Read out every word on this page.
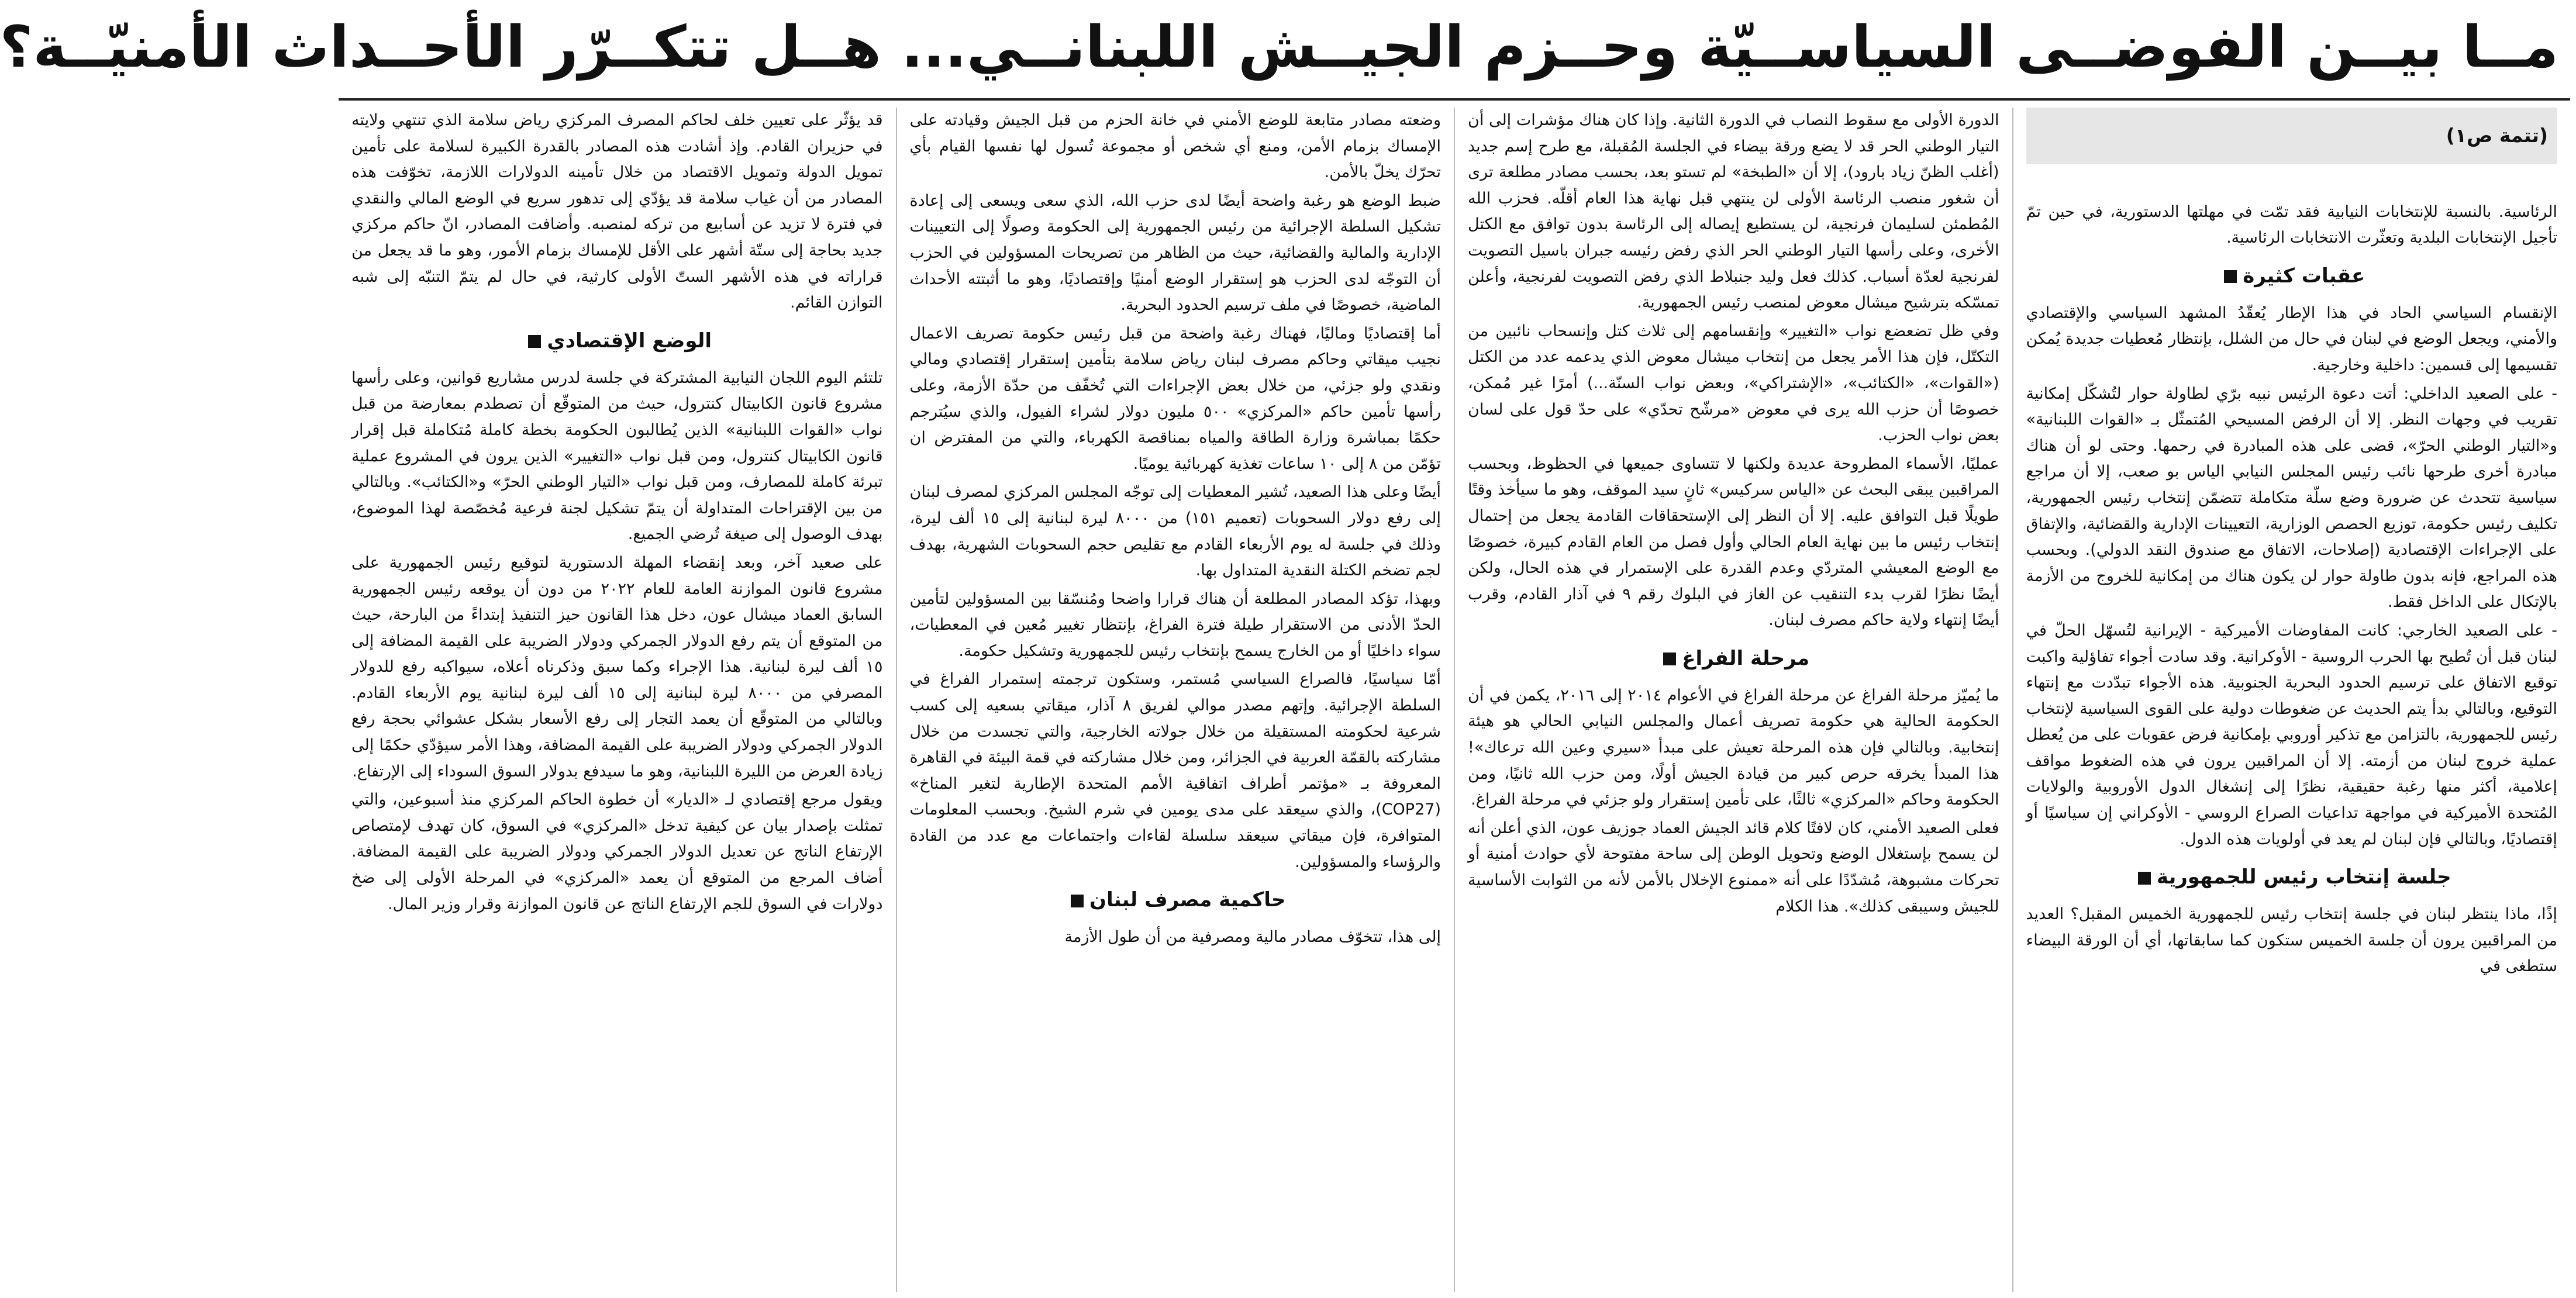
مــا بيــن الفوضــى السياســيّة وحــزم الجيــش اللبنانــي... هــل تتكــرّر الأحــداث الأمنيّــة؟
(تتمة ص١)

الرئاسية. بالنسبة للإنتخابات النيابية فقد تمّت في مهلتها الدستورية، في حين تمّ تأجيل الإنتخابات البلدية وتعثّرت الانتخابات الرئاسية.

عقبات كثيرة

الإنقسام السياسي الحاد في هذا الإطار يُعقّدُ المشهد السياسي والإقتصادي والأمني، ويجعل الوضع في لبنان في حال من الشلل، بإنتظار مُعطيات جديدة يُمكن تقسيمها إلى قسمين: داخلية وخارجية.

- على الصعيد الداخلي: أتت دعوة الرئيس نبيه برّي لطاولة حوار لتُشكّل إمكانية تقريب في وجهات النظر. إلا أن الرفض المسيحي المُتمثّل بـ «القوات اللبنانية» و«التيار الوطني الحرّ»، قضى على هذه المبادرة في رحمها. وحتى لو أن هناك مبادرة أخرى طرحها نائب رئيس المجلس النيابي الياس بو صعب، إلا أن مراجع سياسية تتحدث عن ضرورة وضع سلّة متكاملة تتضمّن إنتخاب رئيس الجمهورية، تكليف رئيس حكومة، توزيع الحصص الوزارية، التعيينات الإدارية والقضائية، والإتفاق على الإجراءات الإقتصادية (إصلاحات، الاتفاق مع صندوق النقد الدولي). وبحسب هذه المراجع، فإنه بدون طاولة حوار لن يكون هناك من إمكانية للخروج من الأزمة بالإتكال على الداخل فقط.

- على الصعيد الخارجي: كانت المفاوضات الأميركية - الإيرانية لتُسهّل الحلّ في لبنان قبل أن تُطيح بها الحرب الروسية - الأوكرانية. وقد سادت أجواء تفاؤلية واكبت توقيع الاتفاق على ترسيم الحدود البحرية الجنوبية. هذه الأجواء تبدّدت مع إنتهاء التوقيع، وبالتالي بدأ يتم الحديث عن ضغوطات دولية على القوى السياسية لإنتخاب رئيس للجمهورية، بالتزامن مع تذكير أوروبي بإمكانية فرض عقوبات على من يُعطل عملية خروج لبنان من أزمته. إلا أن المراقبين يرون في هذه الضغوط مواقف إعلامية، أكثر منها رغبة حقيقية، نظرًا إلى إنشغال الدول الأوروبية والولايات المُتحدة الأميركية في مواجهة تداعيات الصراع الروسي - الأوكراني إن سياسيًا أو إقتصاديًا، وبالتالي فإن لبنان لم يعد في أولويات هذه الدول.

جلسة إنتخاب رئيس للجمهورية

إذًا، ماذا ينتظر لبنان في جلسة إنتخاب رئيس للجمهورية الخميس المقبل؟ العديد من المراقبين يرون أن جلسة الخميس ستكون كما سابقاتها، أي أن الورقة البيضاء ستطغى في

الدورة الأولى مع سقوط النصاب في الدورة الثانية. وإذا كان هناك مؤشرات إلى أن التيار الوطني الحر قد لا يضع ورقة بيضاء في الجلسة المُقبلة، مع طرح إسم جديد (أغلب الظنّ زياد بارود)، إلا أن «الطبخة» لم تستو بعد، بحسب مصادر مطلعة ترى أن شغور منصب الرئاسة الأولى لن ينتهي قبل نهاية هذا العام أقلّه. فحزب الله المُطمئن لسليمان فرنجية، لن يستطيع إيصاله إلى الرئاسة بدون توافق مع الكتل الأخرى، وعلى رأسها التيار الوطني الحر الذي رفض رئيسه جبران باسيل التصويت لفرنجية لعدّة أسباب. كذلك فعل وليد جنبلاط الذي رفض التصويت لفرنجية، وأعلن تمسّكه بترشيح ميشال معوض لمنصب رئيس الجمهورية.

وفي ظل تضعضع نواب «التغيير» وإنقسامهم إلى ثلاث كتل وإنسحاب نائبين من التكتّل، فإن هذا الأمر يجعل من إنتخاب ميشال معوض الذي يدعمه عدد من الكتل («القوات»، «الكتائب»، «الإشتراكي»، وبعض نواب السنّة...) أمرًا غير مُمكن، خصوصًا أن حزب الله يرى في معوض «مرشّح تحدّي» على حدّ قول على لسان بعض نواب الحزب.

عمليًا، الأسماء المطروحة عديدة ولكنها لا تتساوى جميعها في الحظوظ، وبحسب المراقبين يبقى البحث عن «الياس سركيس» ثانٍ سيد الموقف، وهو ما سيأخذ وقتًا طويلًا قبل التوافق عليه. إلا أن النظر إلى الإستحقاقات القادمة يجعل من إحتمال إنتخاب رئيس ما بين نهاية العام الحالي وأول فصل من العام القادم كبيرة، خصوصًا مع الوضع المعيشي المتردّي وعدم القدرة على الإستمرار في هذه الحال، ولكن أيضًا نظرًا لقرب بدء التنقيب عن الغاز في البلوك رقم ٩ في آذار القادم، وقرب أيضًا إنتهاء ولاية حاكم مصرف لبنان.

مرحلة الفراغ

ما يُميّز مرحلة الفراغ عن مرحلة الفراغ في الأعوام ٢٠١٤ إلى ٢٠١٦، يكمن في أن الحكومة الحالية هي حكومة تصريف أعمال والمجلس النيابي الحالي هو هيئة إنتخابية. وبالتالي فإن هذه المرحلة تعيش على مبدأ «سيري وعين الله ترعاك»! هذا المبدأ يخرقه حرص كبير من قيادة الجيش أولًا، ومن حزب الله ثانيًا، ومن الحكومة وحاكم «المركزي» ثالثًا، على تأمين إستقرار ولو جزئي في مرحلة الفراغ.

فعلى الصعيد الأمني، كان لافتًا كلام قائد الجيش العماد جوزيف عون، الذي أعلن أنه لن يسمح بإستغلال الوضع وتحويل الوطن إلى ساحة مفتوحة لأي حوادث أمنية أو تحركات مشبوهة، مُشدّدًا على أنه «ممنوع الإخلال بالأمن لأنه من الثوابت الأساسية للجيش وسيبقى كذلك». هذا الكلام

وضعته مصادر متابعة للوضع الأمني في خانة الحزم من قبل الجيش وقيادته على الإمساك بزمام الأمن، ومنع أي شخص أو مجموعة تُسول لها نفسها القيام بأي تحرّك يخلّ بالأمن.

ضبط الوضع هو رغبة واضحة أيضًا لدى حزب الله، الذي سعى ويسعى إلى إعادة تشكيل السلطة الإجرائية من رئيس الجمهورية إلى الحكومة وصولًا إلى التعيينات الإدارية والمالية والقضائية، حيث من الظاهر من تصريحات المسؤولين في الحزب أن التوجّه لدى الحزب هو إستقرار الوضع أمنيًا وإقتصاديًا، وهو ما أثبتته الأحداث الماضية، خصوصًا في ملف ترسيم الحدود البحرية.

أما إقتصاديًا وماليًا، فهناك رغبة واضحة من قبل رئيس حكومة تصريف الاعمال نجيب ميقاتي وحاكم مصرف لبنان رياض سلامة بتأمين إستقرار إقتصادي ومالي ونقدي ولو جزئي، من خلال بعض الإجراءات التي تُخفّف من حدّة الأزمة، وعلى رأسها تأمين حاكم «المركزي» ٥٠٠ مليون دولار لشراء الفيول، والذي سيُترجم حكمًا بمباشرة وزارة الطاقة والمياه بمناقصة الكهرباء، والتي من المفترض ان تؤمّن من ٨ إلى ١٠ ساعات تغذية كهربائية يوميًا.

أيضًا وعلى هذا الصعيد، تُشير المعطيات إلى توجّه المجلس المركزي لمصرف لبنان إلى رفع دولار السحوبات (تعميم ١٥١) من ٨٠٠٠ ليرة لبنانية إلى ١٥ ألف ليرة، وذلك في جلسة له يوم الأربعاء القادم مع تقليص حجم السحوبات الشهرية، بهدف لجم تضخم الكتلة النقدية المتداول بها.

وبهذا، تؤكد المصادر المطلعة أن هناك قرارا واضحا ومُنسّقا بين المسؤولين لتأمين الحدّ الأدنى من الاستقرار طيلة فترة الفراغ، بإنتظار تغيير مُعين في المعطيات، سواء داخليًا أو من الخارج يسمح بإنتخاب رئيس للجمهورية وتشكيل حكومة.

أمّا سياسيًا، فالصراع السياسي مُستمر، وستكون ترجمته إستمرار الفراغ في السلطة الإجرائية. وإتهم مصدر موالي لفريق ٨ آذار، ميقاتي بسعيه إلى كسب شرعية لحكومته المستقيلة من خلال جولاته الخارجية، والتي تجسدت من خلال مشاركته بالقمّة العربية في الجزائر، ومن خلال مشاركته في قمة البيئة في القاهرة المعروفة بـ «مؤتمر أطراف اتفاقية الأمم المتحدة الإطارية لتغير المناخ» (COP27)، والذي سيعقد على مدى يومين في شرم الشيخ. وبحسب المعلومات المتوافرة، فإن ميقاتي سيعقد سلسلة لقاءات واجتماعات مع عدد من القادة والرؤساء والمسؤولين.

حاكمية مصرف لبنان

إلى هذا، تتخوّف مصادر مالية ومصرفية من أن طول الأزمة

قد يؤثّر على تعيين خلف لحاكم المصرف المركزي رياض سلامة الذي تنتهي ولايته في حزيران القادم. وإذ أشادت هذه المصادر بالقدرة الكبيرة لسلامة على تأمين تمويل الدولة وتمويل الاقتصاد من خلال تأمينه الدولارات اللازمة، تخوّفت هذه المصادر من أن غياب سلامة قد يؤدّي إلى تدهور سريع في الوضع المالي والنقدي في فترة لا تزيد عن أسابيع من تركه لمنصبه. وأضافت المصادر، انّ حاكم مركزي جديد بحاجة إلى ستّة أشهر على الأقل للإمساك بزمام الأمور، وهو ما قد يجعل من قراراته في هذه الأشهر الستّ الأولى كارثية، في حال لم يتمّ التنبّه إلى شبه التوازن القائم.

الوضع الإقتصادي

تلتئم اليوم اللجان النيابية المشتركة في جلسة لدرس مشاريع قوانين، وعلى رأسها مشروع قانون الكابيتال كنترول، حيث من المتوقّع أن تصطدم بمعارضة من قبل نواب «القوات اللبنانية» الذين يُطالبون الحكومة بخطة كاملة مُتكاملة قبل إقرار قانون الكابيتال كنترول، ومن قبل نواب «التغيير» الذين يرون في المشروع عملية تبرئة كاملة للمصارف، ومن قبل نواب «التيار الوطني الحرّ» و«الكتائب». وبالتالي من بين الإقتراحات المتداولة أن يتمّ تشكيل لجنة فرعية مُخصّصة لهذا الموضوع، بهدف الوصول إلى صيغة تُرضي الجميع.

على صعيد آخر، وبعد إنقضاء المهلة الدستورية لتوقيع رئيس الجمهورية على مشروع قانون الموازنة العامة للعام ٢٠٢٢ من دون أن يوقعه رئيس الجمهورية السابق العماد ميشال عون، دخل هذا القانون حيز التنفيذ إبتداءً من البارحة، حيث من المتوقع أن يتم رفع الدولار الجمركي ودولار الضريبة على القيمة المضافة إلى ١٥ ألف ليرة لبنانية. هذا الإجراء وكما سبق وذكرناه أعلاه، سيواكبه رفع للدولار المصرفي من ٨٠٠٠ ليرة لبنانية إلى ١٥ ألف ليرة لبنانية يوم الأربعاء القادم. وبالتالي من المتوقّع أن يعمد التجار إلى رفع الأسعار بشكل عشوائي بحجة رفع الدولار الجمركي ودولار الضريبة على القيمة المضافة، وهذا الأمر سيؤدّي حكمًا إلى زيادة العرض من الليرة اللبنانية، وهو ما سيدفع بدولار السوق السوداء إلى الإرتفاع.

ويقول مرجع إقتصادي لـ «الديار» أن خطوة الحاكم المركزي منذ أسبوعين، والتي تمثلت بإصدار بيان عن كيفية تدخل «المركزي» في السوق، كان تهدف لإمتصاص الإرتفاع الناتج عن تعديل الدولار الجمركي ودولار الضريبة على القيمة المضافة. أضاف المرجع من المتوقع أن يعمد «المركزي» في المرحلة الأولى إلى ضخ دولارات في السوق للجم الإرتفاع الناتج عن قانون الموازنة وقرار وزير المال.
